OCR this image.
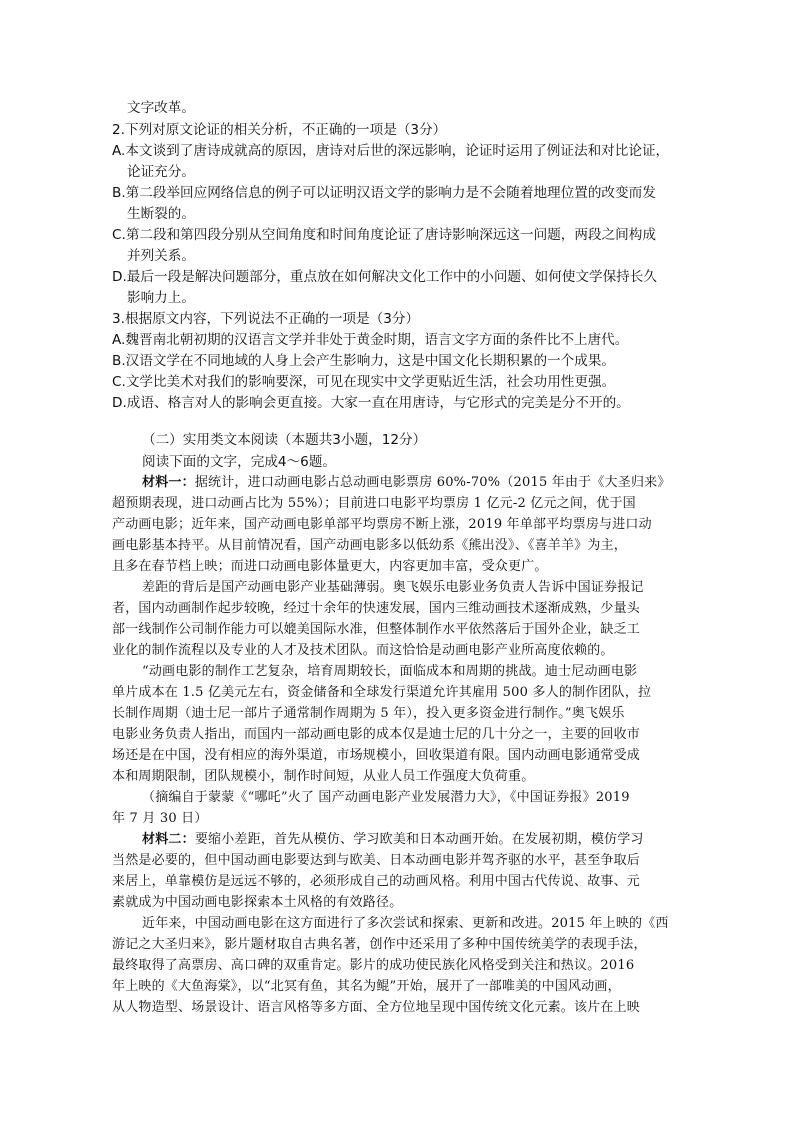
文字改革。

2.下列对原文论证的相关分析，不正确的一项是（3分）

A.本文谈到了唐诗成就高的原因，唐诗对后世的深远影响，论证时运用了例证法和对比论证，

论证充分。

B.第二段举回应网络信息的例子可以证明汉语文学的影响力是不会随着地理位置的改变而发

生断裂的。

C.第二段和第四段分别从空间角度和时间角度论证了唐诗影响深远这一问题，两段之间构成

并列关系。

D.最后一段是解决问题部分，重点放在如何解决文化工作中的小问题、如何使文学保持长久

影响力上。

3.根据原文内容，下列说法不正确的一项是（3分）

A.魏晋南北朝初期的汉语言文学并非处于黄金时期，语言文字方面的条件比不上唐代。

B.汉语文学在不同地域的人身上会产生影响力，这是中国文化长期积累的一个成果。

C.文学比美术对我们的影响要深，可见在现实中文学更贴近生活，社会功用性更强。

D.成语、格言对人的影响会更直接。大家一直在用唐诗，与它形式的完美是分不开的。

（二）实用类文本阅读（本题共3小题，12分）

阅读下面的文字，完成4～6题。

材料一：据统计，进口动画电影占总动画电影票房 60%-70%（2015 年由于《大圣归来》

超预期表现，进口动画占比为 55%）；目前进口电影平均票房 1 亿元-2 亿元之间，优于国

产动画电影；近年来，国产动画电影单部平均票房不断上涨，2019 年单部平均票房与进口动

画电影基本持平。从目前情况看，国产动画电影多以低幼系《熊出没》、《喜羊羊》为主，

且多在春节档上映；而进口动画电影体量更大，内容更加丰富，受众更广。

差距的背后是国产动画电影产业基础薄弱。奥飞娱乐电影业务负责人告诉中国证券报记

者，国内动画制作起步较晚，经过十余年的快速发展，国内三维动画技术逐渐成熟，少量头

部一线制作公司制作能力可以媲美国际水准，但整体制作水平依然落后于国外企业，缺乏工

业化的制作流程以及专业的人才及技术团队。而这恰恰是动画电影产业所高度依赖的。

“动画电影的制作工艺复杂，培育周期较长，面临成本和周期的挑战。迪士尼动画电影

单片成本在 1.5 亿美元左右，资金储备和全球发行渠道允许其雇用 500 多人的制作团队，拉

长制作周期（迪士尼一部片子通常制作周期为 5 年），投入更多资金进行制作。”奥飞娱乐

电影业务负责人指出，而国内一部动画电影的成本仅是迪士尼的几十分之一，主要的回收市

场还是在中国，没有相应的海外渠道，市场规模小，回收渠道有限。国内动画电影通常受成

本和周期限制，团队规模小，制作时间短，从业人员工作强度大负荷重。

（摘编自于蒙蒙《“哪吒”火了 国产动画电影产业发展潜力大》，《中国证券报》2019

年 7 月 30 日）

材料二：要缩小差距，首先从模仿、学习欧美和日本动画开始。在发展初期，模仿学习

当然是必要的，但中国动画电影要达到与欧美、日本动画电影并驾齐驱的水平，甚至争取后

来居上，单靠模仿是远远不够的，必须形成自己的动画风格。利用中国古代传说、故事、元

素就成为中国动画电影探索本土风格的有效路径。

近年来，中国动画电影在这方面进行了多次尝试和探索、更新和改进。2015 年上映的《西

游记之大圣归来》，影片题材取自古典名著，创作中还采用了多种中国传统美学的表现手法，

最终取得了高票房、高口碑的双重肯定。影片的成功使民族化风格受到关注和热议。2016

年上映的《大鱼海棠》，以“北冥有鱼，其名为鲲”开始，展开了一部唯美的中国风动画，

从人物造型、场景设计、语言风格等多方面、全方位地呈现中国传统文化元素。该片在上映
